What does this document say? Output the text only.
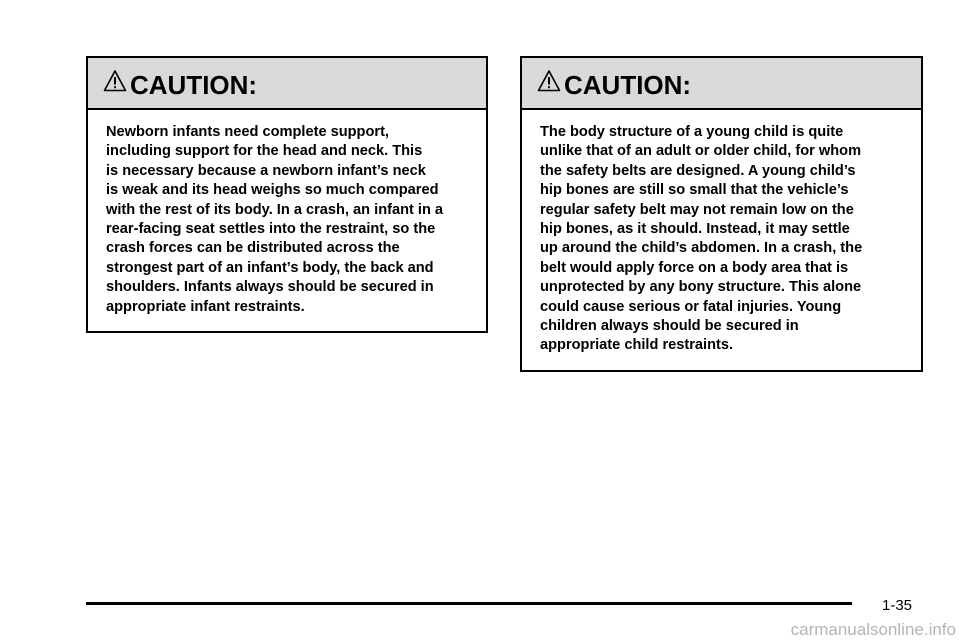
CAUTION:

Newborn infants need complete support,
including support for the head and neck. This
is necessary because a newborn infant’s neck
is weak and its head weighs so much compared
with the rest of its body. In a crash, an infant in a
rear-facing seat settles into the restraint, so the
crash forces can be distributed across the
strongest part of an infant’s body, the back and
shoulders. Infants always should be secured in
appropriate infant restraints.

CAUTION:

The body structure of a young child is quite
unlike that of an adult or older child, for whom
the safety belts are designed. A young child’s
hip bones are still so small that the vehicle’s
regular safety belt may not remain low on the
hip bones, as it should. Instead, it may settle
up around the child’s abdomen. In a crash, the
belt would apply force on a body area that is
unprotected by any bony structure. This alone
could cause serious or fatal injuries. Young
children always should be secured in
appropriate child restraints.

1-35
carmanualsonline.info
